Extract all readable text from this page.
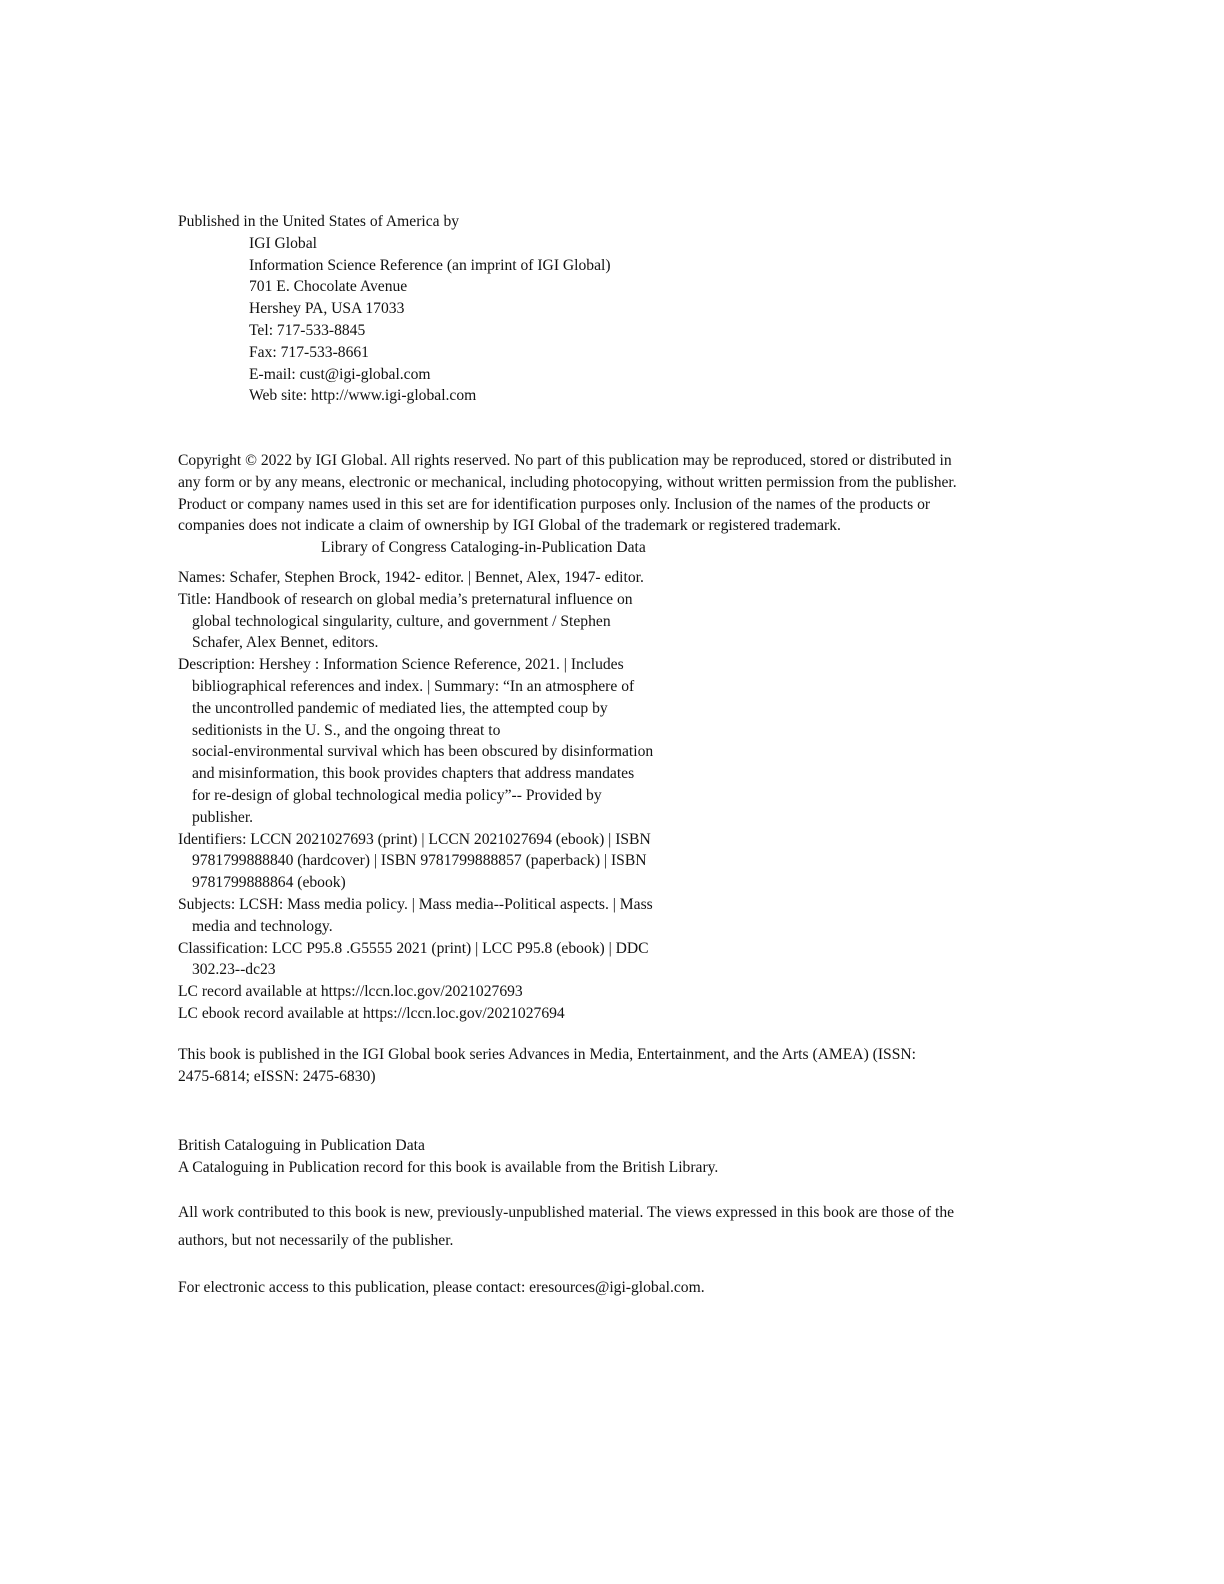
Published in the United States of America by
IGI Global
Information Science Reference (an imprint of IGI Global)
701 E. Chocolate Avenue
Hershey PA, USA 17033
Tel: 717-533-8845
Fax: 717-533-8661
E-mail: cust@igi-global.com
Web site: http://www.igi-global.com
Copyright © 2022 by IGI Global. All rights reserved. No part of this publication may be reproduced, stored or distributed in
any form or by any means, electronic or mechanical, including photocopying, without written permission from the publisher.
Product or company names used in this set are for identification purposes only. Inclusion of the names of the products or
companies does not indicate a claim of ownership by IGI Global of the trademark or registered trademark.
Library of Congress Cataloging-in-Publication Data
Names: Schafer, Stephen Brock, 1942- editor. | Bennet, Alex, 1947- editor.
Title: Handbook of research on global media’s preternatural influence on
global technological singularity, culture, and government / Stephen
Schafer, Alex Bennet, editors.
Description: Hershey : Information Science Reference, 2021. | Includes
bibliographical references and index. | Summary: “In an atmosphere of
the uncontrolled pandemic of mediated lies, the attempted coup by
seditionists in the U. S., and the ongoing threat to
social-environmental survival which has been obscured by disinformation
and misinformation, this book provides chapters that address mandates
for re-design of global technological media policy”-- Provided by
publisher.
Identifiers: LCCN 2021027693 (print) | LCCN 2021027694 (ebook) | ISBN
9781799888840 (hardcover) | ISBN 9781799888857 (paperback) | ISBN
9781799888864 (ebook)
Subjects: LCSH: Mass media policy. | Mass media--Political aspects. | Mass
media and technology.
Classification: LCC P95.8 .G5555 2021 (print) | LCC P95.8 (ebook) | DDC
302.23--dc23
LC record available at https://lccn.loc.gov/2021027693
LC ebook record available at https://lccn.loc.gov/2021027694
This book is published in the IGI Global book series Advances in Media, Entertainment, and the Arts (AMEA) (ISSN:
2475-6814; eISSN: 2475-6830)
British Cataloguing in Publication Data
A Cataloguing in Publication record for this book is available from the British Library.
All work contributed to this book is new, previously-unpublished material. The views expressed in this book are those of the
authors, but not necessarily of the publisher.
For electronic access to this publication, please contact: eresources@igi-global.com.
